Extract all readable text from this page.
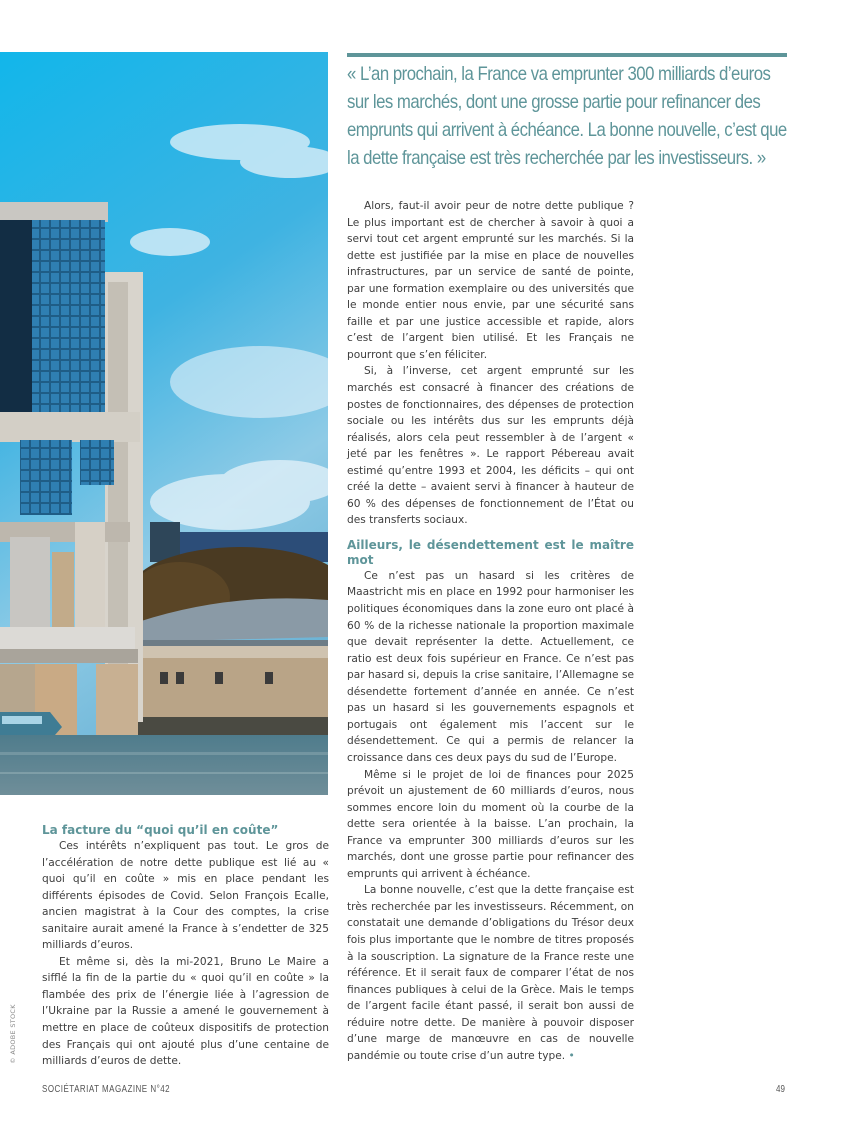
© ADOBE STOCK
« L’an prochain, la France va emprunter 300 milliards d’euros sur les marchés, dont une grosse partie pour refinancer des emprunts qui arrivent à échéance. La bonne nouvelle, c’est que la dette française est très recherchée par les investisseurs. »

Alors, faut-il avoir peur de notre dette publique ? Le plus important est de chercher à savoir à quoi a servi tout cet argent emprunté sur les marchés. Si la dette est justifiée par la mise en place de nouvelles infrastructures, par un service de santé de pointe, par une formation exemplaire ou des universités que le monde entier nous envie, par une sécurité sans faille et par une justice accessible et rapide, alors c’est de l’argent bien utilisé. Et les Français ne pourront que s’en féliciter.

Si, à l’inverse, cet argent emprunté sur les marchés est consacré à financer des créations de postes de fonctionnaires, des dépenses de protection sociale ou les intérêts dus sur les emprunts déjà réalisés, alors cela peut ressembler à de l’argent « jeté par les fenêtres ». Le rapport Pébereau avait estimé qu’entre 1993 et 2004, les déficits – qui ont créé la dette – avaient servi à financer à hauteur de 60 % des dépenses de fonctionnement de l’État ou des transferts sociaux.

Ailleurs, le désendettement est le maître mot

Ce n’est pas un hasard si les critères de Maastricht mis en place en 1992 pour harmoniser les politiques économiques dans la zone euro ont placé à 60 % de la richesse nationale la proportion maximale que devait représenter la dette. Actuellement, ce ratio est deux fois supérieur en France. Ce n’est pas par hasard si, depuis la crise sanitaire, l’Allemagne se désendette fortement d’année en année. Ce n’est pas un hasard si les gouvernements espagnols et portugais ont également mis l’accent sur le désendettement. Ce qui a permis de relancer la croissance dans ces deux pays du sud de l’Europe.

Même si le projet de loi de finances pour 2025 prévoit un ajustement de 60 milliards d’euros, nous sommes encore loin du moment où la courbe de la dette sera orientée à la baisse. L’an prochain, la France va emprunter 300 milliards d’euros sur les marchés, dont une grosse partie pour refinancer des emprunts qui arrivent à échéance.

La bonne nouvelle, c’est que la dette française est très recherchée par les investisseurs. Récemment, on constatait une demande d’obligations du Trésor deux fois plus importante que le nombre de titres proposés à la souscription. La signature de la France reste une référence. Et il serait faux de comparer l’état de nos finances publiques à celui de la Grèce. Mais le temps de l’argent facile étant passé, il serait bon aussi de réduire notre dette. De manière à pouvoir disposer d’une marge de manœuvre en cas de nouvelle pandémie ou toute crise d’un autre type. •

La facture du “quoi qu’il en coûte”

Ces intérêts n’expliquent pas tout. Le gros de l’accélération de notre dette publique est lié au « quoi qu’il en coûte » mis en place pendant les différents épisodes de Covid. Selon François Ecalle, ancien magistrat à la Cour des comptes, la crise sanitaire aurait amené la France à s’endetter de 325 milliards d’euros.

Et même si, dès la mi-2021, Bruno Le Maire a sifflé la fin de la partie du « quoi qu’il en coûte » la flambée des prix de l’énergie liée à l’agression de l’Ukraine par la Russie a amené le gouvernement à mettre en place de coûteux dispositifs de protection des Français qui ont ajouté plus d’une centaine de milliards d’euros de dette.

SOCIÉTARIAT MAGAZINE N°42	49
